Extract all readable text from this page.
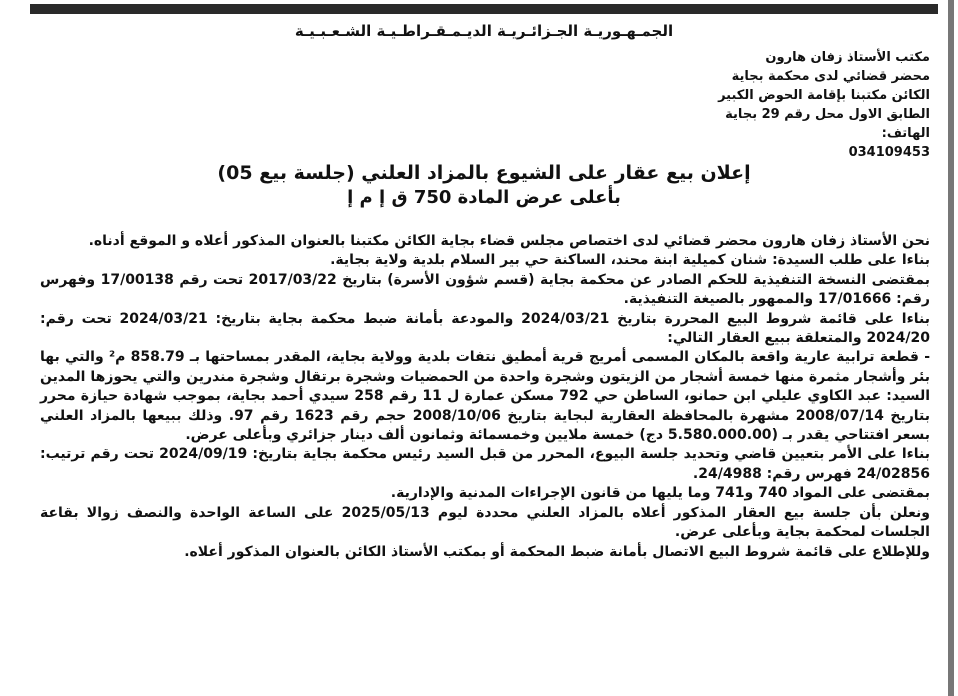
الجمـهـوريـة الجـزائـريـة الديـمـقـراطـيـة الشـعـبـيـة
مكتب الأستاذ زفان هارون
محضر قضائي لدى محكمة بجاية
الكائن مكتبنا بإقامة الحوض الكبير
الطابق الاول محل رقم 29 بجاية
الهاتف:
034109453
إعلان بيع عقار على الشيوع بالمزاد العلني (جلسة بيع 05)
بأعلى عرض المادة 750 ق إ م إ

نحن الأستاذ زفان هارون محضر قضائي لدى اختصاص مجلس قضاء بجاية الكائن مكتبنا بالعنوان المذكور أعلاه و الموقع أدناه.

بناءا على طلب السيدة: شنان كميلية ابنة محند، الساكنة حي بير السلام بلدية ولاية بجاية.

بمقتضى النسخة التنفيذية للحكم الصادر عن محكمة بجاية (قسم شؤون الأسرة) بتاريخ 2017/03/22 تحت رقم 17/00138 وفهرس رقم: 17/01666 والممهور بالصيغة التنفيذية.

بناءا على قائمة شروط البيع المحررة بتاريخ 2024/03/21 والمودعة بأمانة ضبط محكمة بجاية بتاريخ: 2024/03/21 تحت رقم: 2024/20 والمتعلقة ببيع العقار التالي:

- قطعة ترابية عارية واقعة بالمكان المسمى أمريج قرية أمطيق نتفات بلدية وولاية بجاية، المقدر بمساحتها بـ 858.79 م² والتي بها بئر وأشجار مثمرة منها خمسة أشجار من الزيتون وشجرة واحدة من الحمضيات وشجرة برتقال وشجرة مندرين والتي يحوزها المدين السيد: عبد الكاوي عليلي ابن حمانو، الساطن حي 792 مسكن عمارة ل 11 رقم 258 سيدي أحمد بجاية، بموجب شهادة حيازة محرر بتاريخ 2008/07/14 مشهرة بالمحافظة العقارية لبجاية بتاريخ 2008/10/06 حجم رقم 1623 رقم 97. وذلك ببيعها بالمزاد العلني بسعر افتتاحي يقدر بـ (5.580.000.00 دج) خمسة ملايين وخمسمائة وثمانون ألف دينار جزائري وبأعلى عرض.

بناءا على الأمر بتعيين قاضي وتحديد جلسة البيوع، المحرر من قبل السيد رئيس محكمة بجاية بتاريخ: 2024/09/19 تحت رقم ترتيب: 24/02856 فهرس رقم: 24/4988.

بمقتضى على المواد 740 و741 وما يليها من قانون الإجراءات المدنية والإدارية.

ونعلن بأن جلسة بيع العقار المذكور أعلاه بالمزاد العلني محددة ليوم 2025/05/13 على الساعة الواحدة والنصف زوالا بقاعة الجلسات لمحكمة بجاية وبأعلى عرض.

وللإطلاع على قائمة شروط البيع الاتصال بأمانة ضبط المحكمة أو بمكتب الأستاذ الكائن بالعنوان المذكور أعلاه.
